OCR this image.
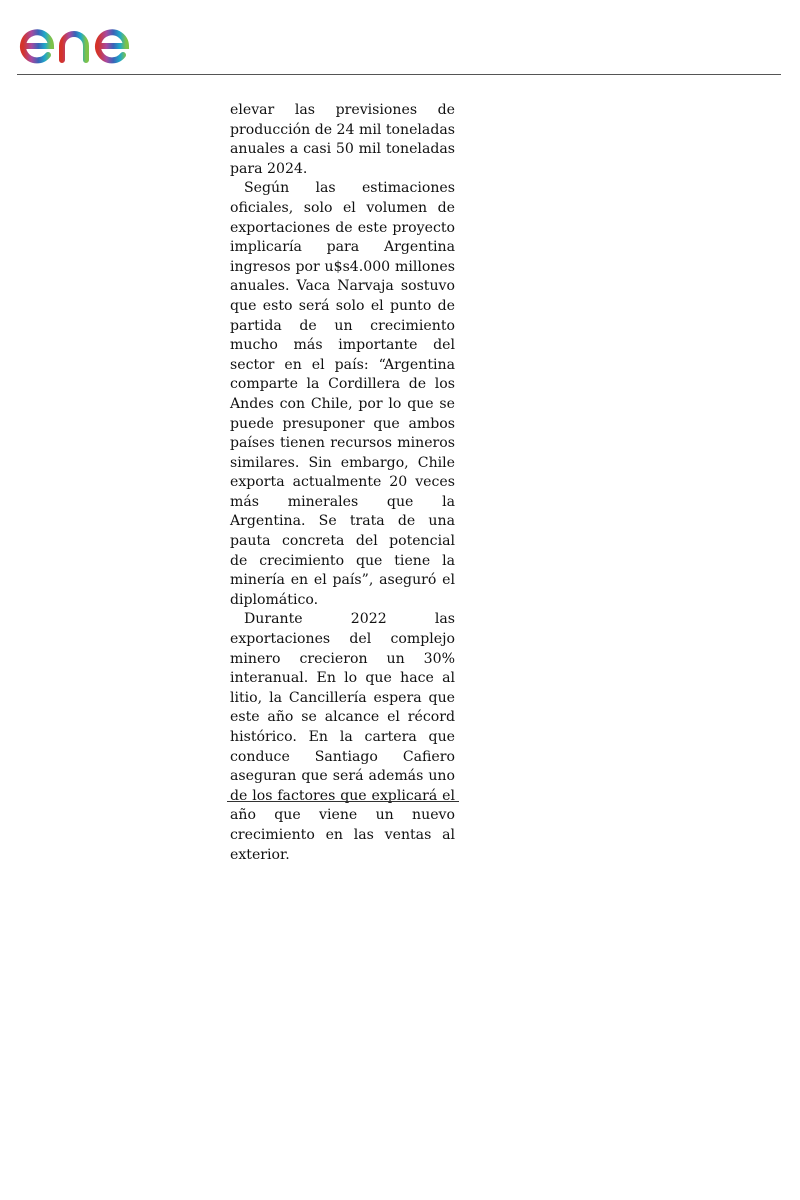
elevar las previsiones de producción de 24 mil toneladas anuales a casi 50 mil toneladas para 2024.

Según las estimaciones oficiales, solo el volumen de exportaciones de este proyecto implicaría para Argentina ingresos por u$s4.000 millones anuales. Vaca Narvaja sostuvo que esto será solo el punto de partida de un crecimiento mucho más importante del sector en el país: “Argentina comparte la Cordillera de los Andes con Chile, por lo que se puede presuponer que ambos países tienen recursos mineros similares. Sin embargo, Chile exporta actualmente 20 veces más minerales que la Argentina. Se trata de una pauta concreta del potencial de crecimiento que tiene la minería en el país”, aseguró el diplomático.

Durante 2022 las exportaciones del complejo minero crecieron un 30% interanual. En lo que hace al litio, la Cancillería espera que este año se alcance el récord histórico. En la cartera que conduce Santiago Cafiero aseguran que será además uno de los factores que explicará el año que viene un nuevo crecimiento en las ventas al exterior.
